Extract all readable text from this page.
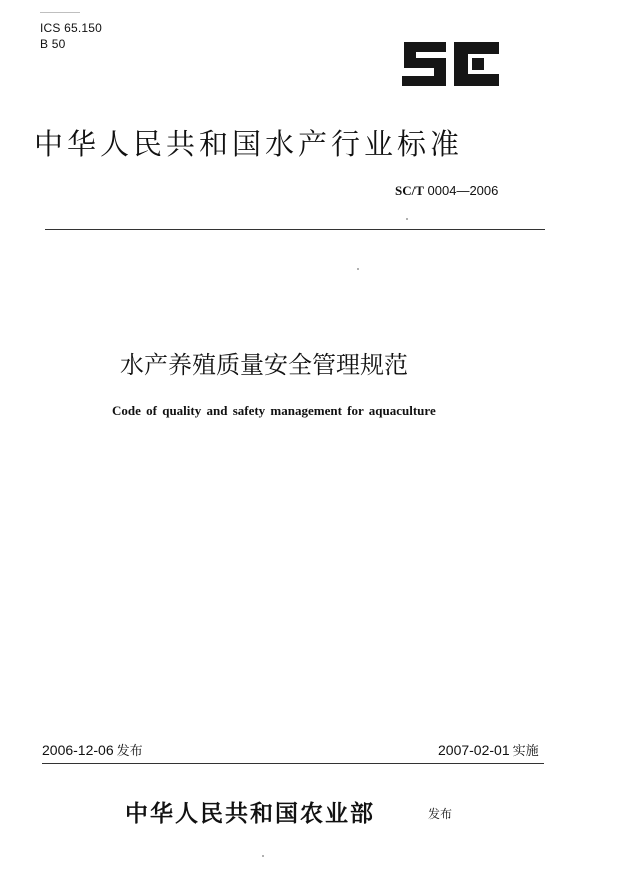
ICS 65.150
B 50
中华人民共和国水产行业标准
SC/T 0004—2006
水产养殖质量安全管理规范
Code of quality and safety management for aquaculture
2006-12-06 发布	2007-02-01 实施
中华人民共和国农业部	发布
